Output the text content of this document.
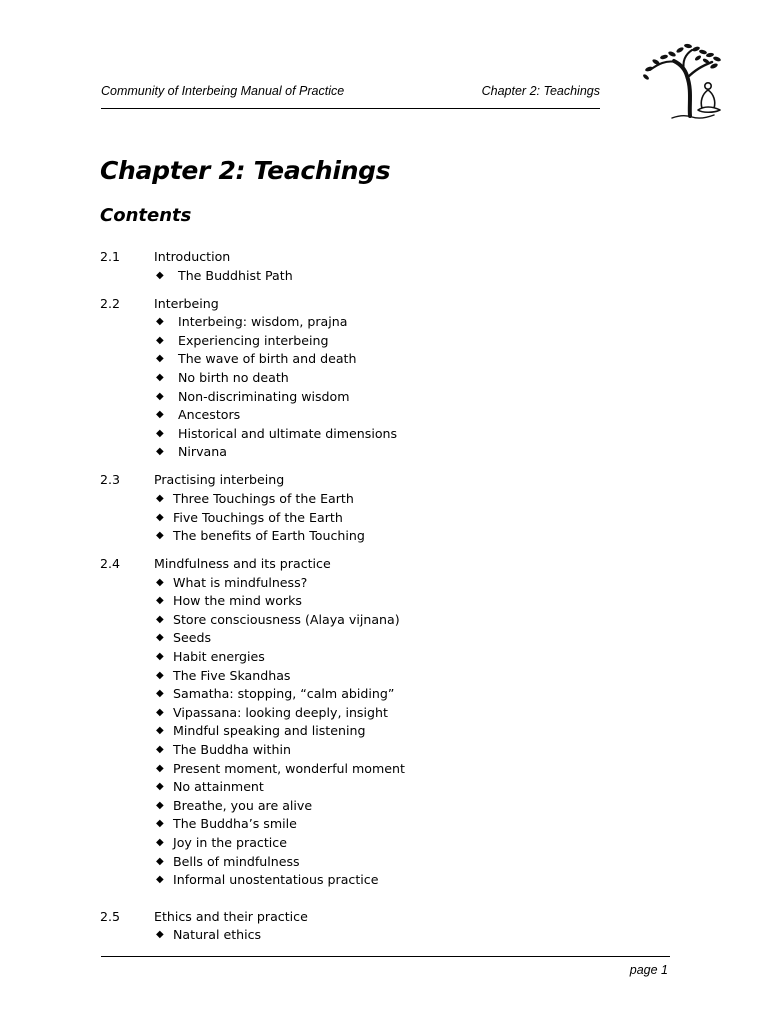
Community of Interbeing Manual of Practice	Chapter 2: Teachings
Chapter 2: Teachings
Contents
2.1	Introduction
◆ The Buddhist Path
2.2	Interbeing
◆ Interbeing: wisdom, prajna
◆ Experiencing interbeing
◆ The wave of birth and death
◆ No birth no death
◆ Non-discriminating wisdom
◆ Ancestors
◆ Historical and ultimate dimensions
◆ Nirvana
2.3	Practising interbeing
◆ Three Touchings of the Earth
◆ Five Touchings of the Earth
◆ The benefits of Earth Touching
2.4	Mindfulness and its practice
◆ What is mindfulness?
◆ How the mind works
◆ Store consciousness (Alaya vijnana)
◆ Seeds
◆ Habit energies
◆ The Five Skandhas
◆ Samatha: stopping, “calm abiding”
◆ Vipassana: looking deeply, insight
◆ Mindful speaking and listening
◆ The Buddha within
◆ Present moment, wonderful moment
◆ No attainment
◆ Breathe, you are alive
◆ The Buddha’s smile
◆ Joy in the practice
◆ Bells of mindfulness
◆ Informal unostentatious practice
2.5	Ethics and their practice
◆ Natural ethics
page 1
